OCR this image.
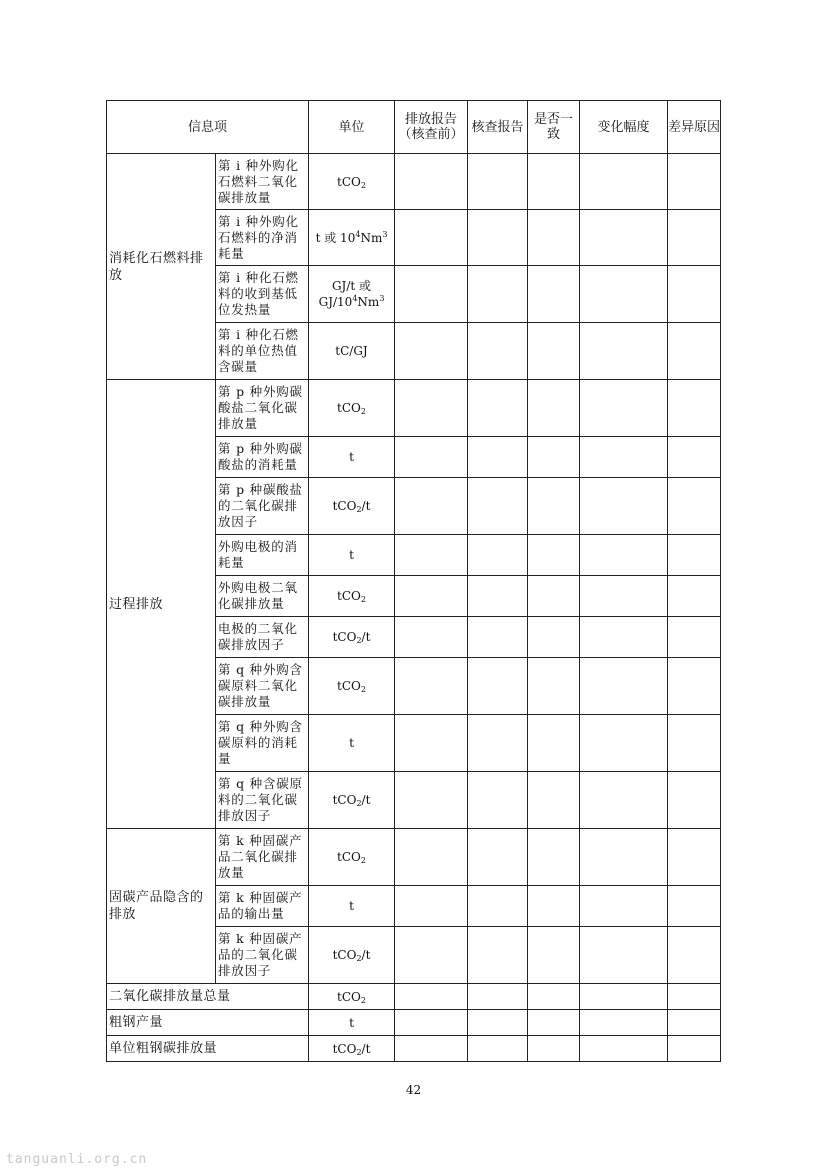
信息项		单位	排放报告（核查前）	核查报告	是否一致	变化幅度	差异原因
消耗化石燃料排放	第 i 种外购化石燃料二氧化碳排放量	tCO$_2$					
	第 i 种外购化石燃料的净消耗量	t 或 $10^4Nm^3$					
	第 i 种化石燃料的收到基低位发热量	GJ/t 或
$GJ/10^4Nm^3$					
	第 i 种化石燃料的单位热值含碳量	tC/GJ					
过程排放	第 p 种外购碳酸盐二氧化碳排放量	tCO$_2$					
	第 p 种外购碳酸盐的消耗量	t					
	第 p 种碳酸盐的二氧化碳排放因子	tCO$_2$/t					
	外购电极的消耗量	t					
	外购电极二氧化碳排放量	tCO$_2$					
	电极的二氧化碳排放因子	tCO$_2$/t					
	第 q 种外购含碳原料二氧化碳排放量	tCO$_2$					
	第 q 种外购含碳原料的消耗量	t					
	第 q 种含碳原料的二氧化碳排放因子	tCO$_2$/t					
固碳产品隐含的排放	第 k 种固碳产品二氧化碳排放量	tCO$_2$					
	第 k 种固碳产品的输出量	t					
	第 k 种固碳产品的二氧化碳排放因子	tCO$_2$/t					
二氧化碳排放量总量		tCO$_2$					
粗钢产量		t					
单位粗钢碳排放量		tCO$_2$/t					
42
tanguanli.org.cn
